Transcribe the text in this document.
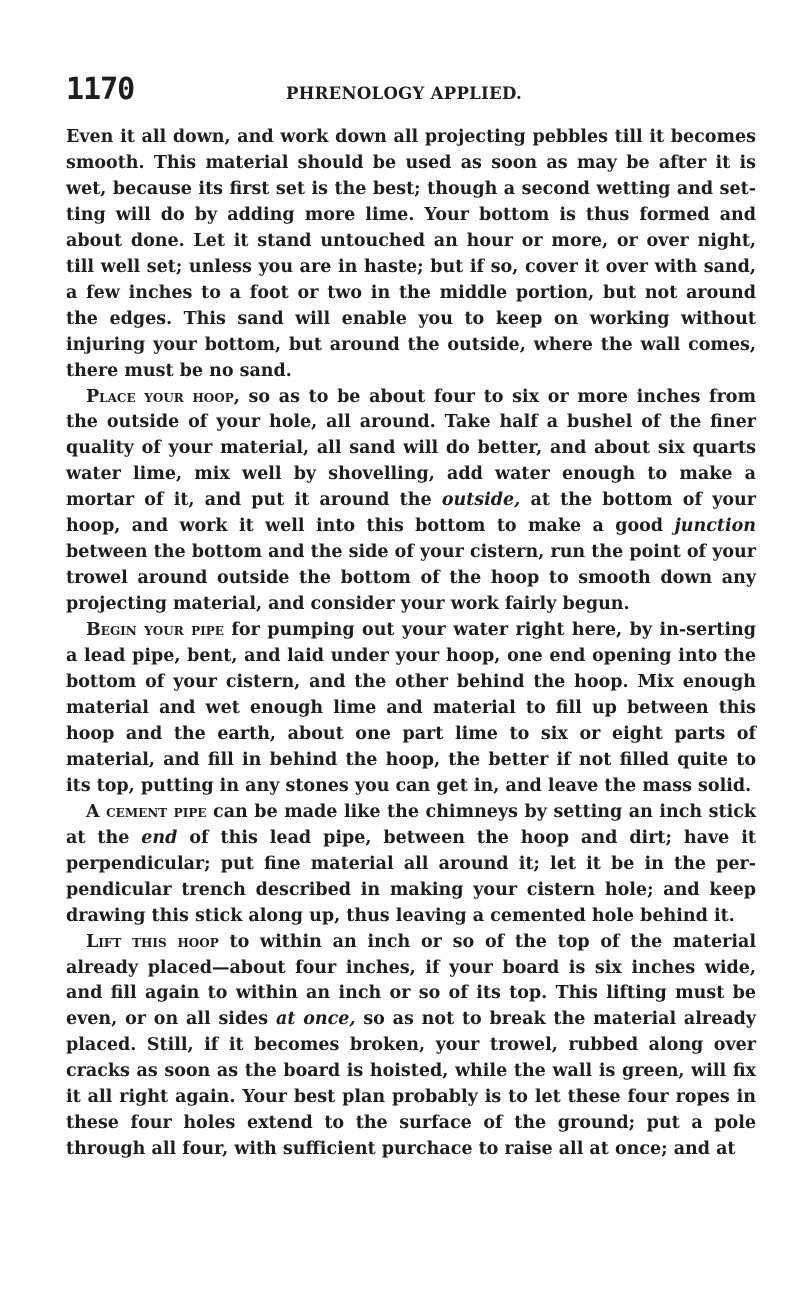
1170	PHRENOLOGY APPLIED.

Even it all down, and work down all projecting pebbles till it becomes smooth. This material should be used as soon as may be after it is wet, because its first set is the best; though a second wetting and set-ting will do by adding more lime. Your bottom is thus formed and about done. Let it stand untouched an hour or more, or over night, till well set; unless you are in haste; but if so, cover it over with sand, a few inches to a foot or two in the middle portion, but not around the edges. This sand will enable you to keep on working without injuring your bottom, but around the outside, where the wall comes, there must be no sand.

Place your hoop, so as to be about four to six or more inches from the outside of your hole, all around. Take half a bushel of the finer quality of your material, all sand will do better, and about six quarts water lime, mix well by shovelling, add water enough to make a mortar of it, and put it around the outside, at the bottom of your hoop, and work it well into this bottom to make a good junction between the bottom and the side of your cistern, run the point of your trowel around outside the bottom of the hoop to smooth down any projecting material, and consider your work fairly begun.

Begin your pipe for pumping out your water right here, by in-serting a lead pipe, bent, and laid under your hoop, one end opening into the bottom of your cistern, and the other behind the hoop. Mix enough material and wet enough lime and material to fill up between this hoop and the earth, about one part lime to six or eight parts of material, and fill in behind the hoop, the better if not filled quite to its top, putting in any stones you can get in, and leave the mass solid.

A cement pipe can be made like the chimneys by setting an inch stick at the end of this lead pipe, between the hoop and dirt; have it perpendicular; put fine material all around it; let it be in the per-pendicular trench described in making your cistern hole; and keep drawing this stick along up, thus leaving a cemented hole behind it.

Lift this hoop to within an inch or so of the top of the material already placed—about four inches, if your board is six inches wide, and fill again to within an inch or so of its top. This lifting must be even, or on all sides at once, so as not to break the material already placed. Still, if it becomes broken, your trowel, rubbed along over cracks as soon as the board is hoisted, while the wall is green, will fix it all right again. Your best plan probably is to let these four ropes in these four holes extend to the surface of the ground; put a pole through all four, with sufficient purchace to raise all at once; and at
